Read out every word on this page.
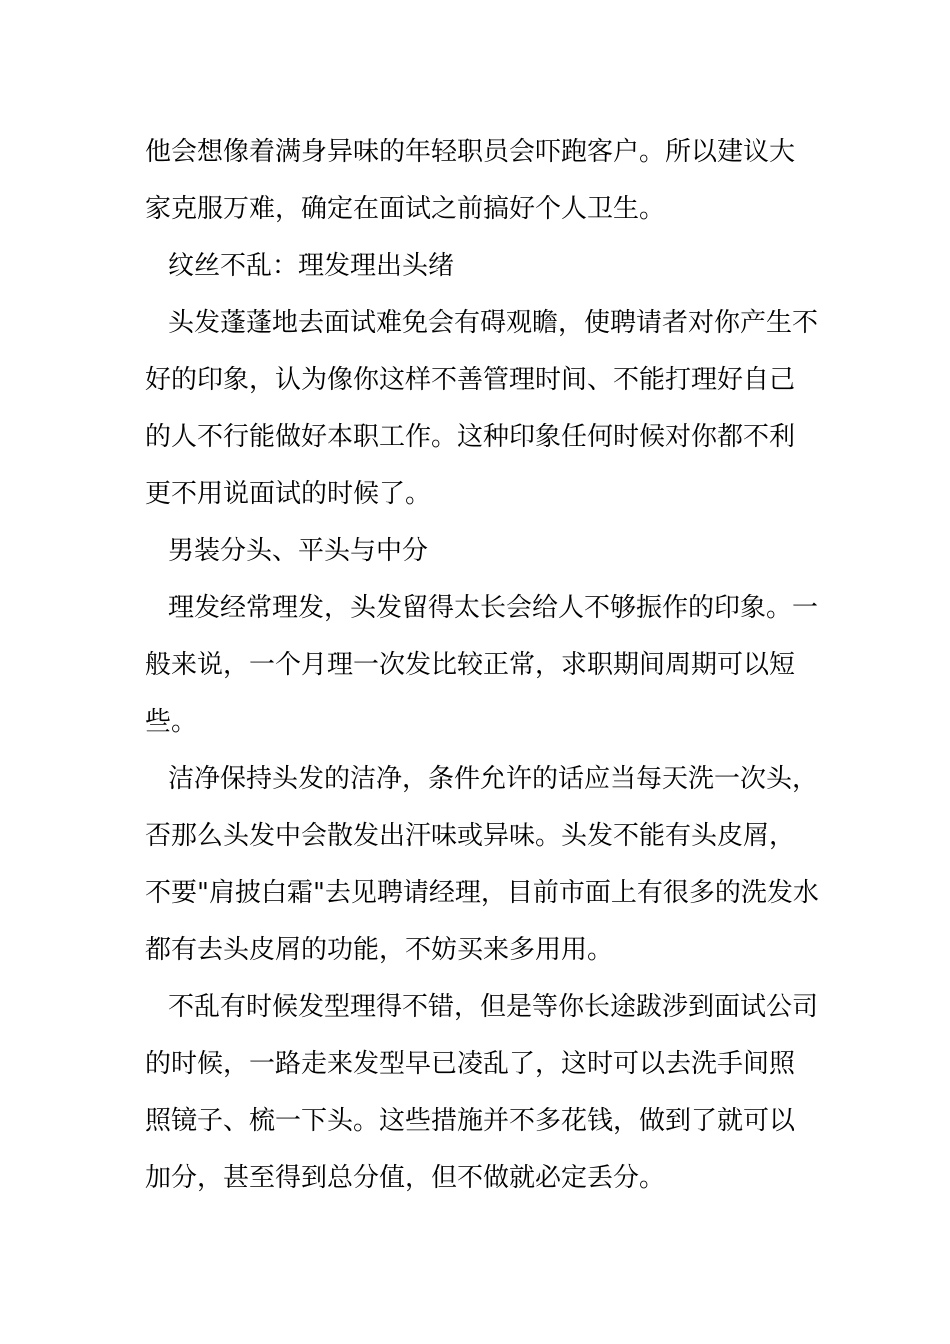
他会想像着满身异味的年轻职员会吓跑客户。所以建议大
家克服万难，确定在面试之前搞好个人卫生。
纹丝不乱：理发理出头绪
头发蓬蓬地去面试难免会有碍观瞻，使聘请者对你产生不
好的印象，认为像你这样不善管理时间、不能打理好自己
的人不行能做好本职工作。这种印象任何时候对你都不利
更不用说面试的时候了。
男装分头、平头与中分
理发经常理发，头发留得太长会给人不够振作的印象。一
般来说，一个月理一次发比较正常，求职期间周期可以短
些。
洁净保持头发的洁净，条件允许的话应当每天洗一次头，
否那么头发中会散发出汗味或异味。头发不能有头皮屑，
不要"肩披白霜"去见聘请经理，目前市面上有很多的洗发水
都有去头皮屑的功能，不妨买来多用用。
不乱有时候发型理得不错，但是等你长途跋涉到面试公司
的时候，一路走来发型早已凌乱了，这时可以去洗手间照
照镜子、梳一下头。这些措施并不多花钱，做到了就可以
加分，甚至得到总分值，但不做就必定丢分。
